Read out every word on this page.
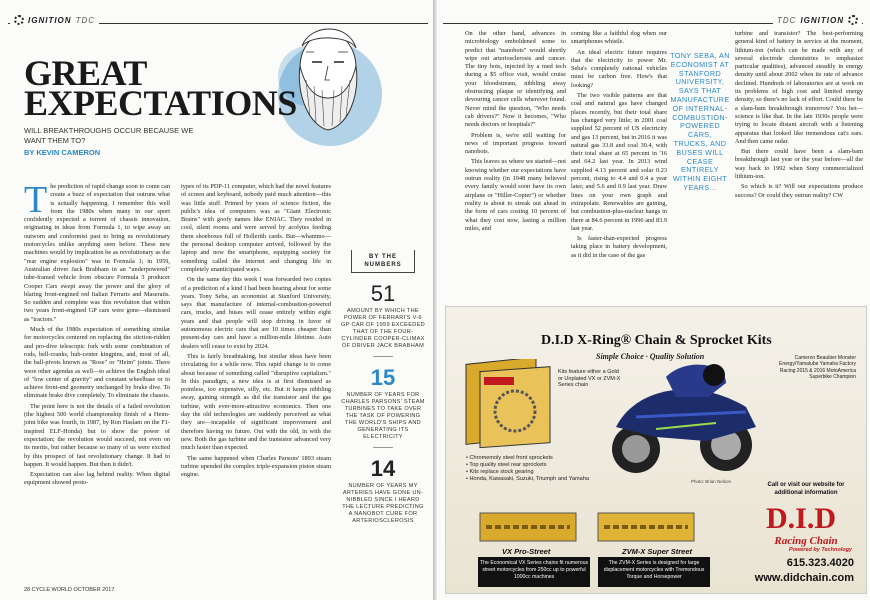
IGNITION TDC
GREAT
EXPECTATIONS
WILL BREAKTHROUGHS OCCUR BECAUSE WE WANT THEM TO?
BY KEVIN CAMERON

The prediction of rapid change soon to come can create a buzz of expectation that outruns what is actually happening. I remember this well from the 1980s when many in our sport confidently expected a torrent of chassis innovation, originating in ideas from Formula 1, to wipe away an outworn and conformist past to bring us revolutionary motorcycles unlike anything seen before. These new machines would by implication be as revolutionary as the "rear engine explosion" was in Formula 1; in 1959, Australian driver Jack Brabham in an "underpowered" tube-framed vehicle from obscure Formula 3 producer Cooper Cars swept away the power and the glory of blaring front-engined red Italian Ferraris and Maseratis. So sudden and complete was this revolution that within two years front-engined GP cars were gone—dismissed as "tractors."

Much of the 1980s expectation of something similar for motorcycles centered on replacing the stiction-ridden and pro-dive telescopic fork with some combination of rods, bell-cranks, hub-center kingpins, and, most of all, the ball-pivots known as "Rose" or "Heim" joints. There were other agendas as well—to achieve the English ideal of "low center of gravity" and constant wheelbase or to achieve front-end geometry unchanged by brake dive. To eliminate brake dive completely. To eliminate the chassis.

The point here is not the details of a failed revolution (the highest 500 world championship finish of a Heim-joint bike was fourth, in 1987, by Ron Haslam on the F1-inspired ELF-Honda) but to show the power of expectation; the revolution would succeed, not even on its merits, but rather because so many of us were excited by this prospect of fast revolutionary change. It had to happen. It would happen. But then it didn't.

Expectation can also lag behind reality. When digital equipment showed proto-

types of its PDP-11 computer, which had the novel features of screen and keyboard, nobody paid much attention—this was little stuff. Primed by years of science fiction, the public's idea of computers was as "Giant Electronic Brains" with goofy names like ENIAC. They resided in cool, silent rooms and were served by acolytes feeding them shoeboxes full of Hollerith cards. But—whammo—the personal desktop computer arrived, followed by the laptop and now the smartphone, equipping society for something called the internet and changing life in completely unanticipated ways.

On the same day this week I was forwarded two copies of a prediction of a kind I had been hearing about for some years. Tony Seba, an economist at Stanford University, says that manufacture of internal-combustion-powered cars, trucks, and buses will cease entirely within eight years and that people will stop driving in favor of autonomous electric cars that are 10 times cheaper than present-day cars and have a million-mile lifetime. Auto dealers will cease to exist by 2024.

This is fairly breathtaking, but similar ideas have been circulating for a while now. This rapid change is to come about because of something called "disruptive capitalism." In this paradigm, a new idea is at first dismissed as pointless, too expensive, silly, etc. But it keeps nibbling away, gaining strength as did the transistor and the gas turbine, with ever-more-attractive economics. Then one day the old technologies are suddenly perceived as what they are—incapable of significant improvement and therefore having no future. Out with the old, in with the new. Both the gas turbine and the transistor advanced very much faster than expected.

The same happened when Charles Parsons' 1893 steam turbine upended the complex triple-expansion piston steam engine.

BY THE NUMBERS
51
AMOUNT BY WHICH THE POWER OF FERRARI'S V-6 GP CAR OF 1959 EXCEEDED THAT OF THE FOUR-CYLINDER COOPER-CLIMAX OF DRIVER JACK BRABHAM
15
NUMBER OF YEARS FOR CHARLES PARSONS' STEAM TURBINES TO TAKE OVER THE TASK OF POWERING THE WORLD'S SHIPS AND GENERATING ITS ELECTRICITY
14
NUMBER OF YEARS MY ARTERIES HAVE GONE UN-NIBBLED SINCE I HEARD THE LECTURE PREDICTING A NANOBOT CURE FOR ARTERIOSCLEROSIS
28 CYCLE WORLD OCTOBER 2017
TDC IGNITION

On the other hand, advances in microbiology emboldened some to predict that "nanobots" would shortly wipe out arteriosclerosis and cancer. The tiny bots, injected by a med tech during a $5 office visit, would cruise your bloodstream, nibbling away obstructing plaque or identifying and devouring cancer cells wherever found. Never mind the question, "Who needs cab drivers?" Now it becomes, "Who needs doctors or hospitals?"

Problem is, we're still waiting for news of important progress toward nanobots.

This leaves us where we started—not knowing whether our expectations have outrun reality (in 1948 many believed every family would soon have its own airplane or "Hiller-Copter") or whether reality is about to streak out ahead in the form of cars costing 10 percent of what they cost now, lasting a million miles, and

coming like a faithful dog when our smartphones whistle.

An ideal electric future requires that the electricity to power Mr. Seba's completely rational vehicles must be carbon free. How's that looking?

The two visible patterns are that coal and natural gas have changed places recently, but their total share has changed very little; in 2001 coal supplied 52 percent of US electricity and gas 13 percent, but in 2016 it was natural gas 33.8 and coal 30.4, with their total share at 65 percent in '16 and 64.2 last year. In 2013 wind supplied 4.13 percent and solar 0.23 percent, rising to 4.4 and 0.4 a year later, and 5.6 and 0.9 last year. Draw lines on your own graph and extrapolate. Renewables are gaining, but combustion-plus-nuclear hangs in there at 84.6 percent in 1996 and 83.9 last year.

Is faster-than-expected progress taking place in battery development, as it did in the case of the gas

TONY SEBA, AN ECONOMIST AT STANFORD UNIVERSITY, SAYS THAT MANUFACTURE OF INTERNAL-COMBUSTION-POWERED CARS, TRUCKS, AND BUSES WILL CEASE ENTIRELY WITHIN EIGHT YEARS...

turbine and transistor? The best-performing general kind of battery in service at the moment, lithium-ion (which can be made with any of several electrode chemistries to emphasize particular qualities), advanced steadily in energy density until about 2002 when its rate of advance declined. Hundreds of laboratories are at work on its problems of high cost and limited energy density, so there's no lack of effort. Could there be a slam-bam breakthrough tomorrow? You bet—science is like that. In the late 1930s people were trying to locate distant aircraft with a listening apparatus that looked like tremendous cat's ears. And then came radar.

But there could have been a slam-bam breakthrough last year or the year before—all the way back to 1992 when Sony commercialized lithium-ion.

So which is it? Will our expectations produce success? Or could they outrun reality? CW

D.I.D X-Ring® Chain & Sprocket Kits
Simple Choice · Quality Solution
Kits feature either a Gold or Unplated VX or ZVM-X Series chain
Cameron Beaubier Monster Energy/Yamalube Yamaha Factory Racing 2015 & 2016 MotoAmerica Superbike Champion
• Chromemoly steel front sprockets
• Top quality steel rear sprockets
• Kits replace stock gearing
• Honda, Kawasaki, Suzuki, Triumph and Yamaha	Photo: Brian Nelson
Call or visit our website for additional information
D.I.D
Racing Chain
Powered by Technology
615.323.4020
www.didchain.com
VX Pro-Street
The Economical VX Series chains fit numerous street motorcycles from 250cc up to powerful 1000cc machines
ZVM-X Super Street
The ZVM-X Series is designed for large displacement motorcycles with Tremendous Torque and Horsepower
